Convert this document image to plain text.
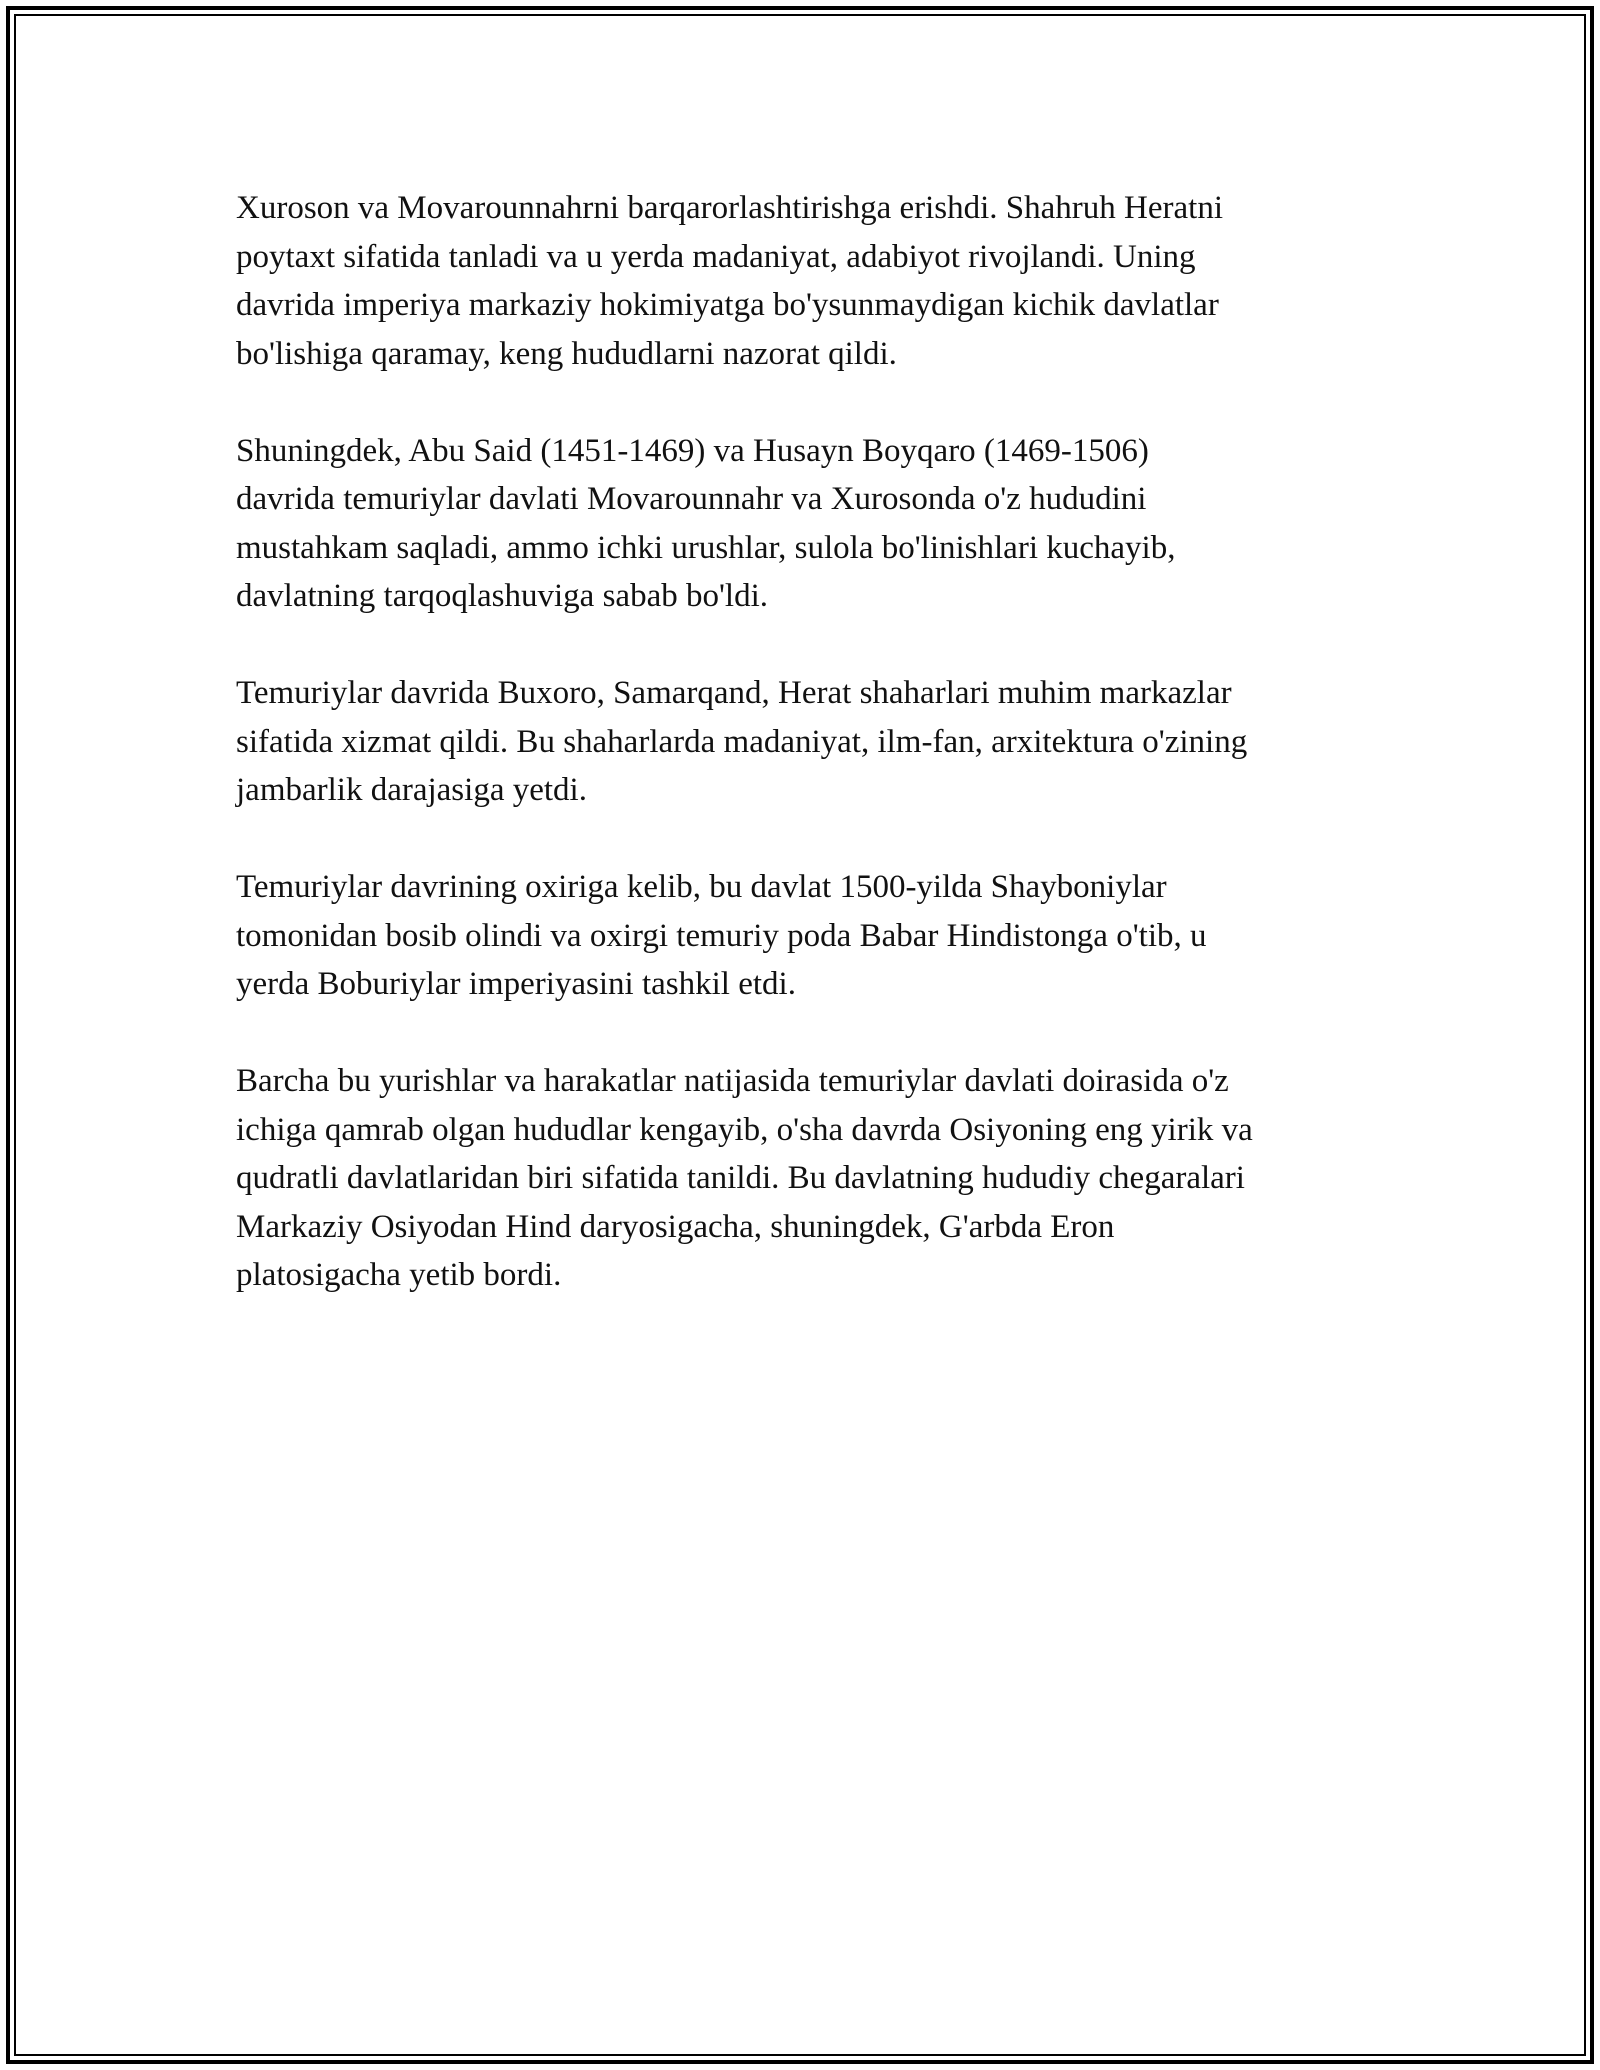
Xuroson va Movarounnahrni barqarorlashtirishga erishdi. Shahruh Heratni
poytaxt sifatida tanladi va u yerda madaniyat, adabiyot rivojlandi. Uning
davrida imperiya markaziy hokimiyatga bo'ysunmaydigan kichik davlatlar
bo'lishiga qaramay, keng hududlarni nazorat qildi.

Shuningdek, Abu Said (1451-1469) va Husayn Boyqaro (1469-1506)
davrida temuriylar davlati Movarounnahr va Xurosonda o'z hududini
mustahkam saqladi, ammo ichki urushlar, sulola bo'linishlari kuchayib,
davlatning tarqoqlashuviga sabab bo'ldi.

Temuriylar davrida Buxoro, Samarqand, Herat shaharlari muhim markazlar
sifatida xizmat qildi. Bu shaharlarda madaniyat, ilm-fan, arxitektura o'zining
jambarlik darajasiga yetdi.

Temuriylar davrining oxiriga kelib, bu davlat 1500-yilda Shayboniylar
tomonidan bosib olindi va oxirgi temuriy poda Babar Hindistonga o'tib, u
yerda Boburiylar imperiyasini tashkil etdi.

Barcha bu yurishlar va harakatlar natijasida temuriylar davlati doirasida o'z
ichiga qamrab olgan hududlar kengayib, o'sha davrda Osiyoning eng yirik va
qudratli davlatlaridan biri sifatida tanildi. Bu davlatning hududiy chegaralari
Markaziy Osiyodan Hind daryosigacha, shuningdek, G'arbda Eron
platosigacha yetib bordi.
